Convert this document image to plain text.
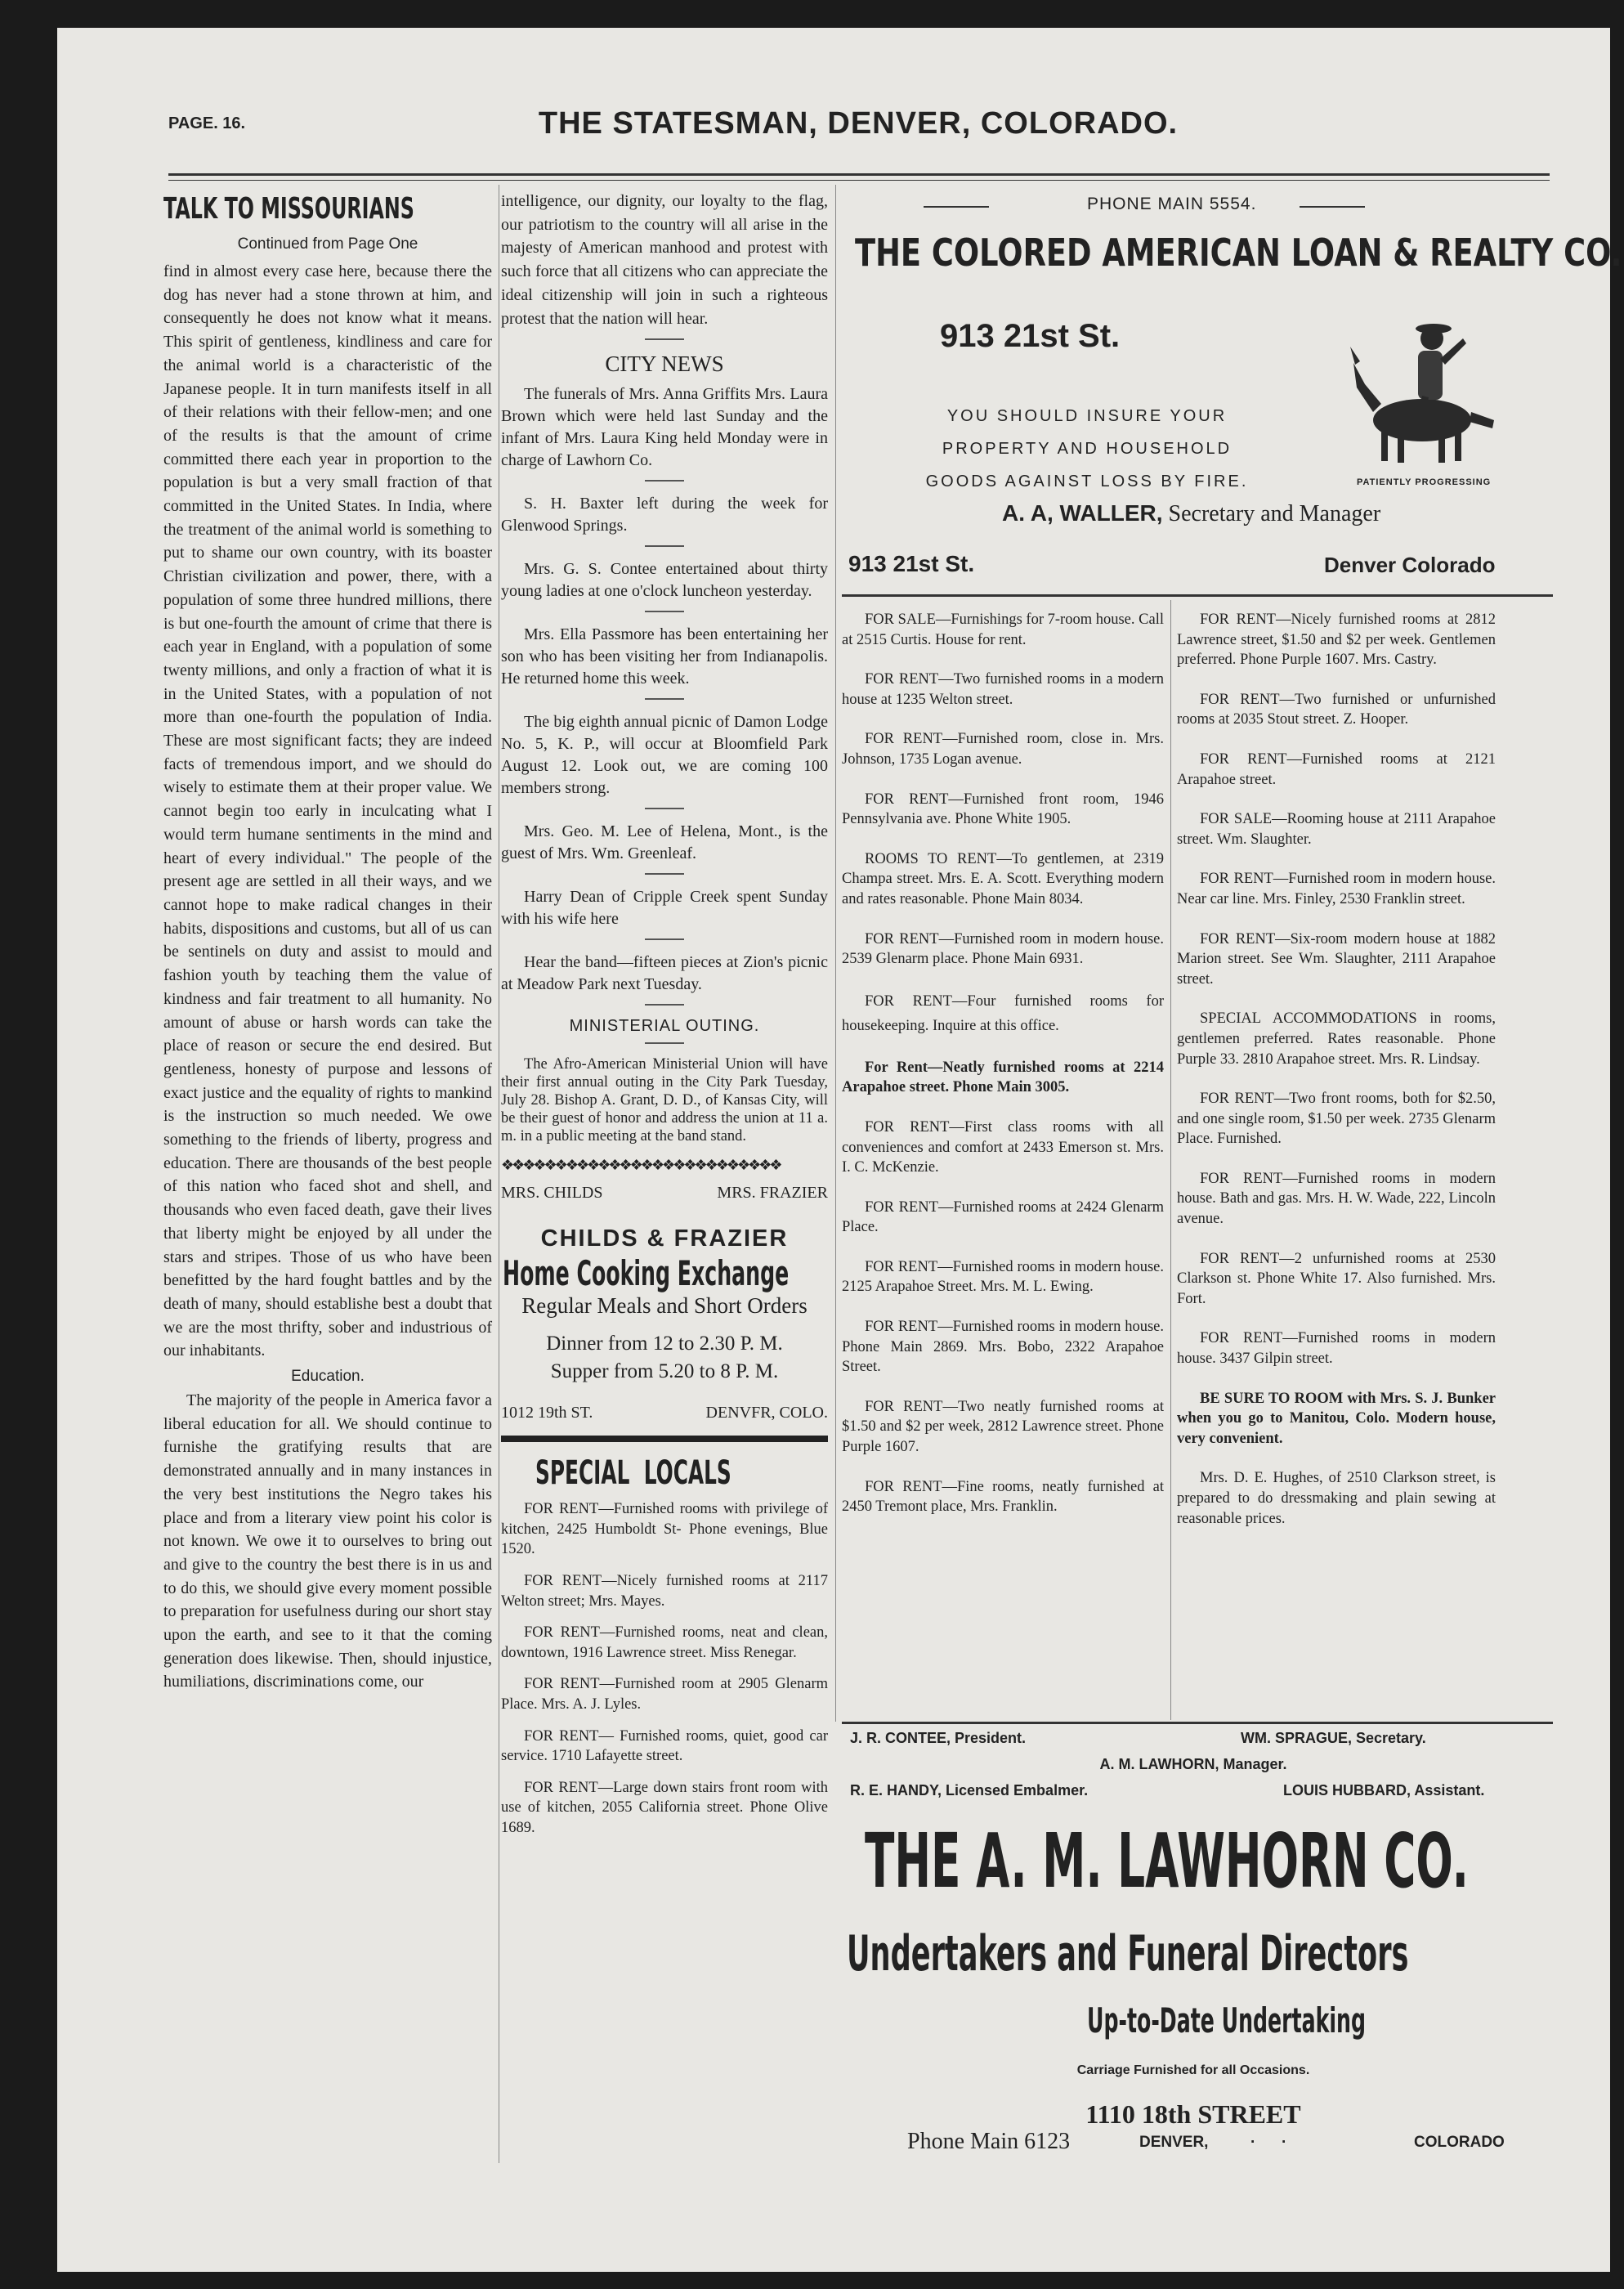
PAGE. 16.	THE STATESMAN, DENVER, COLORADO.
TALK TO MISSOURIANS
Continued from Page One

find in almost every case here, because there the dog has never had a stone thrown at him, and consequently he does not know what it means. This spirit of gentleness, kindliness and care for the animal world is a characteristic of the Japanese people. It in turn manifests itself in all of their relations with their fellow-men; and one of the results is that the amount of crime committed there each year in proportion to the population is but a very small fraction of that committed in the United States. In India, where the treatment of the animal world is something to put to shame our own country, with its boaster Christian civilization and power, there, with a population of some three hundred millions, there is but one-fourth the amount of crime that there is each year in England, with a population of some twenty millions, and only a fraction of what it is in the United States, with a population of not more than one-fourth the population of India. These are most significant facts; they are indeed facts of tremendous import, and we should do wisely to estimate them at their proper value. We cannot begin too early in inculcating what I would term humane sentiments in the mind and heart of every individual." The people of the present age are settled in all their ways, and we cannot hope to make radical changes in their habits, dispositions and customs, but all of us can be sentinels on duty and assist to mould and fashion youth by teaching them the value of kindness and fair treatment to all humanity. No amount of abuse or harsh words can take the place of reason or secure the end desired. But gentleness, honesty of purpose and lessons of exact justice and the equality of rights to mankind is the instruction so much needed. We owe something to the friends of liberty, progress and education. There are thousands of the best people of this nation who faced shot and shell, and thousands who even faced death, gave their lives that liberty might be enjoyed by all under the stars and stripes. Those of us who have been benefitted by the hard fought battles and by the death of many, should establishe best a doubt that we are the most thrifty, sober and industrious of our inhabitants.

Education.

The majority of the people in America favor a liberal education for all. We should continue to furnishe the gratifying results that are demonstrated annually and in many instances in the very best institutions the Negro takes his place and from a literary view point his color is not known. We owe it to ourselves to bring out and give to the country the best there is in us and to do this, we should give every moment possible to preparation for usefulness during our short stay upon the earth, and see to it that the coming generation does likewise. Then, should injustice, humiliations, discriminations come, our

intelligence, our dignity, our loyalty to the flag, our patriotism to the country will all arise in the majesty of American manhood and protest with such force that all citizens who can appreciate the ideal citizenship will join in such a righteous protest that the nation will hear.

CITY NEWS

The funerals of Mrs. Anna Griffits Mrs. Laura Brown which were held last Sunday and the infant of Mrs. Laura King held Monday were in charge of Lawhorn Co.

S. H. Baxter left during the week for Glenwood Springs.

Mrs. G. S. Contee entertained about thirty young ladies at one o'clock luncheon yesterday.

Mrs. Ella Passmore has been entertaining her son who has been visiting her from Indianapolis. He returned home this week.

The big eighth annual picnic of Damon Lodge No. 5, K. P., will occur at Bloomfield Park August 12. Look out, we are coming 100 members strong.

Mrs. Geo. M. Lee of Helena, Mont., is the guest of Mrs. Wm. Greenleaf.

Harry Dean of Cripple Creek spent Sunday with his wife here

Hear the band—fifteen pieces at Zion's picnic at Meadow Park next Tuesday.

MINISTERIAL OUTING.

The Afro-American Ministerial Union will have their first annual outing in the City Park Tuesday, July 28. Bishop A. Grant, D. D., of Kansas City, will be their guest of honor and address the union at 11 a. m. in a public meeting at the band stand.

❖❖❖❖❖❖❖❖❖❖❖❖❖❖❖❖❖❖❖❖❖❖❖❖❖❖
MRS. CHILDS	MRS. FRAZIER
CHILDS & FRAZIER
Home Cooking Exchange
Regular Meals and Short Orders
Dinner from 12 to 2.30 P. M.
Supper from 5.20 to 8 P. M.
1012 19th ST.	DENVFR, COLO.
SPECIAL LOCALS

FOR RENT—Furnished rooms with privilege of kitchen, 2425 Humboldt St- Phone evenings, Blue 1520.

FOR RENT—Nicely furnished rooms at 2117 Welton street; Mrs. Mayes.

FOR RENT—Furnished rooms, neat and clean, downtown, 1916 Lawrence street. Miss Renegar.

FOR RENT—Furnished room at 2905 Glenarm Place. Mrs. A. J. Lyles.

FOR RENT— Furnished rooms, quiet, good car service. 1710 Lafayette street.

FOR RENT—Large down stairs front room with use of kitchen, 2055 California street. Phone Olive 1689.

PHONE MAIN 5554.
THE COLORED AMERICAN LOAN & REALTY CO.
913 21st St.
YOU SHOULD INSURE YOUR
PROPERTY AND HOUSEHOLD
GOODS AGAINST LOSS BY FIRE.	PATIENTLY PROGRESSING
A. A, WALLER, Secretary and Manager
913 21st St.	Denver Colorado

FOR SALE—Furnishings for 7-room house. Call at 2515 Curtis. House for rent.

FOR RENT—Two furnished rooms in a modern house at 1235 Welton street.

FOR RENT—Furnished room, close in. Mrs. Johnson, 1735 Logan avenue.

FOR RENT—Furnished front room, 1946 Pennsylvania ave. Phone White 1905.

ROOMS TO RENT—To gentlemen, at 2319 Champa street. Mrs. E. A. Scott. Everything modern and rates reasonable. Phone Main 8034.

FOR RENT—Furnished room in modern house. 2539 Glenarm place. Phone Main 6931.

FOR RENT—Four furnished rooms for housekeeping. Inquire at this office.

For Rent—Neatly furnished rooms at 2214 Arapahoe street. Phone Main 3005.

FOR RENT—First class rooms with all conveniences and comfort at 2433 Emerson st. Mrs. I. C. McKenzie.

FOR RENT—Furnished rooms at 2424 Glenarm Place.

FOR RENT—Furnished rooms in modern house. 2125 Arapahoe Street. Mrs. M. L. Ewing.

FOR RENT—Furnished rooms in modern house. Phone Main 2869. Mrs. Bobo, 2322 Arapahoe Street.

FOR RENT—Two neatly furnished rooms at $1.50 and $2 per week, 2812 Lawrence street. Phone Purple 1607.

FOR RENT—Fine rooms, neatly furnished at 2450 Tremont place, Mrs. Franklin.

FOR RENT—Nicely furnished rooms at 2812 Lawrence street, $1.50 and $2 per week. Gentlemen preferred. Phone Purple 1607. Mrs. Castry.

FOR RENT—Two furnished or unfurnished rooms at 2035 Stout street. Z. Hooper.

FOR RENT—Furnished rooms at 2121 Arapahoe street.

FOR SALE—Rooming house at 2111 Arapahoe street. Wm. Slaughter.

FOR RENT—Furnished room in modern house. Near car line. Mrs. Finley, 2530 Franklin street.

FOR RENT—Six-room modern house at 1882 Marion street. See Wm. Slaughter, 2111 Arapahoe street.

SPECIAL ACCOMMODATIONS in rooms, gentlemen preferred. Rates reasonable. Phone Purple 33. 2810 Arapahoe street. Mrs. R. Lindsay.

FOR RENT—Two front rooms, both for $2.50, and one single room, $1.50 per week. 2735 Glenarm Place. Furnished.

FOR RENT—Furnished rooms in modern house. Bath and gas. Mrs. H. W. Wade, 222, Lincoln avenue.

FOR RENT—2 unfurnished rooms at 2530 Clarkson st. Phone White 17. Also furnished. Mrs. Fort.

FOR RENT—Furnished rooms in modern house. 3437 Gilpin street.

BE SURE TO ROOM with Mrs. S. J. Bunker when you go to Manitou, Colo. Modern house, very convenient.

Mrs. D. E. Hughes, of 2510 Clarkson street, is prepared to do dressmaking and plain sewing at reasonable prices.

J. R. CONTEE, President.	WM. SPRAGUE, Secretary.
A. M. LAWHORN, Manager.
R. E. HANDY, Licensed Embalmer.	LOUIS HUBBARD, Assistant.
THE A. M. LAWHORN CO.
Undertakers and Funeral Directors
Up-to-Date Undertaking
Carriage Furnished for all Occasions.
1110 18th STREET
Phone Main 6123	DENVER,	·      ·	COLORADO
